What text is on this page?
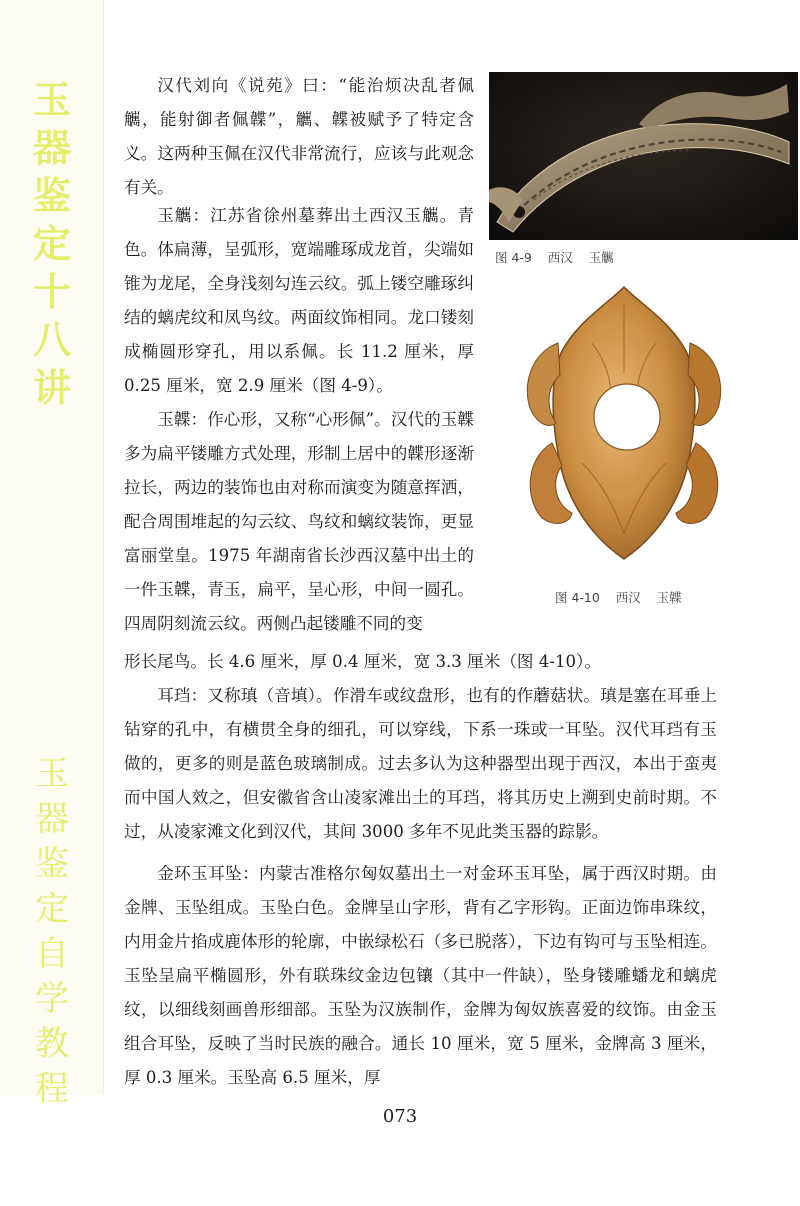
玉
器
鉴
定
十
八
讲
玉
器
鉴
定
自
学
教
程
图 4-9    西汉    玉觽
图 4-10    西汉    玉韘

汉代刘向《说苑》曰：“能治烦决乱者佩觽，能射御者佩韘”，觽、韘被赋予了特定含义。这两种玉佩在汉代非常流行，应该与此观念有关。

玉觽：江苏省徐州墓葬出土西汉玉觽。青色。体扁薄，呈弧形，宽端雕琢成龙首，尖端如锥为龙尾，全身浅刻勾连云纹。弧上镂空雕琢纠结的螭虎纹和凤鸟纹。两面纹饰相同。龙口镂刻成椭圆形穿孔，用以系佩。长 11.2 厘米，厚 0.25 厘米，宽 2.9 厘米（图 4-9）。

玉韘：作心形，又称“心形佩”。汉代的玉韘多为扁平镂雕方式处理，形制上居中的韘形逐渐拉长，两边的装饰也由对称而演变为随意挥洒，配合周围堆起的勾云纹、鸟纹和螭纹装饰，更显富丽堂皇。1975 年湖南省长沙西汉墓中出土的一件玉韘，青玉，扁平，呈心形，中间一圆孔。四周阴刻流云纹。两侧凸起镂雕不同的变

形长尾鸟。长 4.6 厘米，厚 0.4 厘米，宽 3.3 厘米（图 4-10）。

耳珰：又称瑱（音填）。作滑车或纹盘形，也有的作蘑菇状。瑱是塞在耳垂上钻穿的孔中，有横贯全身的细孔，可以穿线，下系一珠或一耳坠。汉代耳珰有玉做的，更多的则是蓝色玻璃制成。过去多认为这种器型出现于西汉，本出于蛮夷而中国人效之，但安徽省含山凌家滩出土的耳珰，将其历史上溯到史前时期。不过，从凌家滩文化到汉代，其间 3000 多年不见此类玉器的踪影。

金环玉耳坠：内蒙古准格尔匈奴墓出土一对金环玉耳坠，属于西汉时期。由金牌、玉坠组成。玉坠白色。金牌呈山字形，背有乙字形钩。正面边饰串珠纹，内用金片掐成鹿体形的轮廓，中嵌绿松石（多已脱落），下边有钩可与玉坠相连。玉坠呈扁平椭圆形，外有联珠纹金边包镶（其中一件缺），坠身镂雕蟠龙和螭虎纹，以细线刻画兽形细部。玉坠为汉族制作，金牌为匈奴族喜爱的纹饰。由金玉组合耳坠，反映了当时民族的融合。通长 10 厘米，宽 5 厘米，金牌高 3 厘米，厚 0.3 厘米。玉坠高 6.5 厘米，厚

073
